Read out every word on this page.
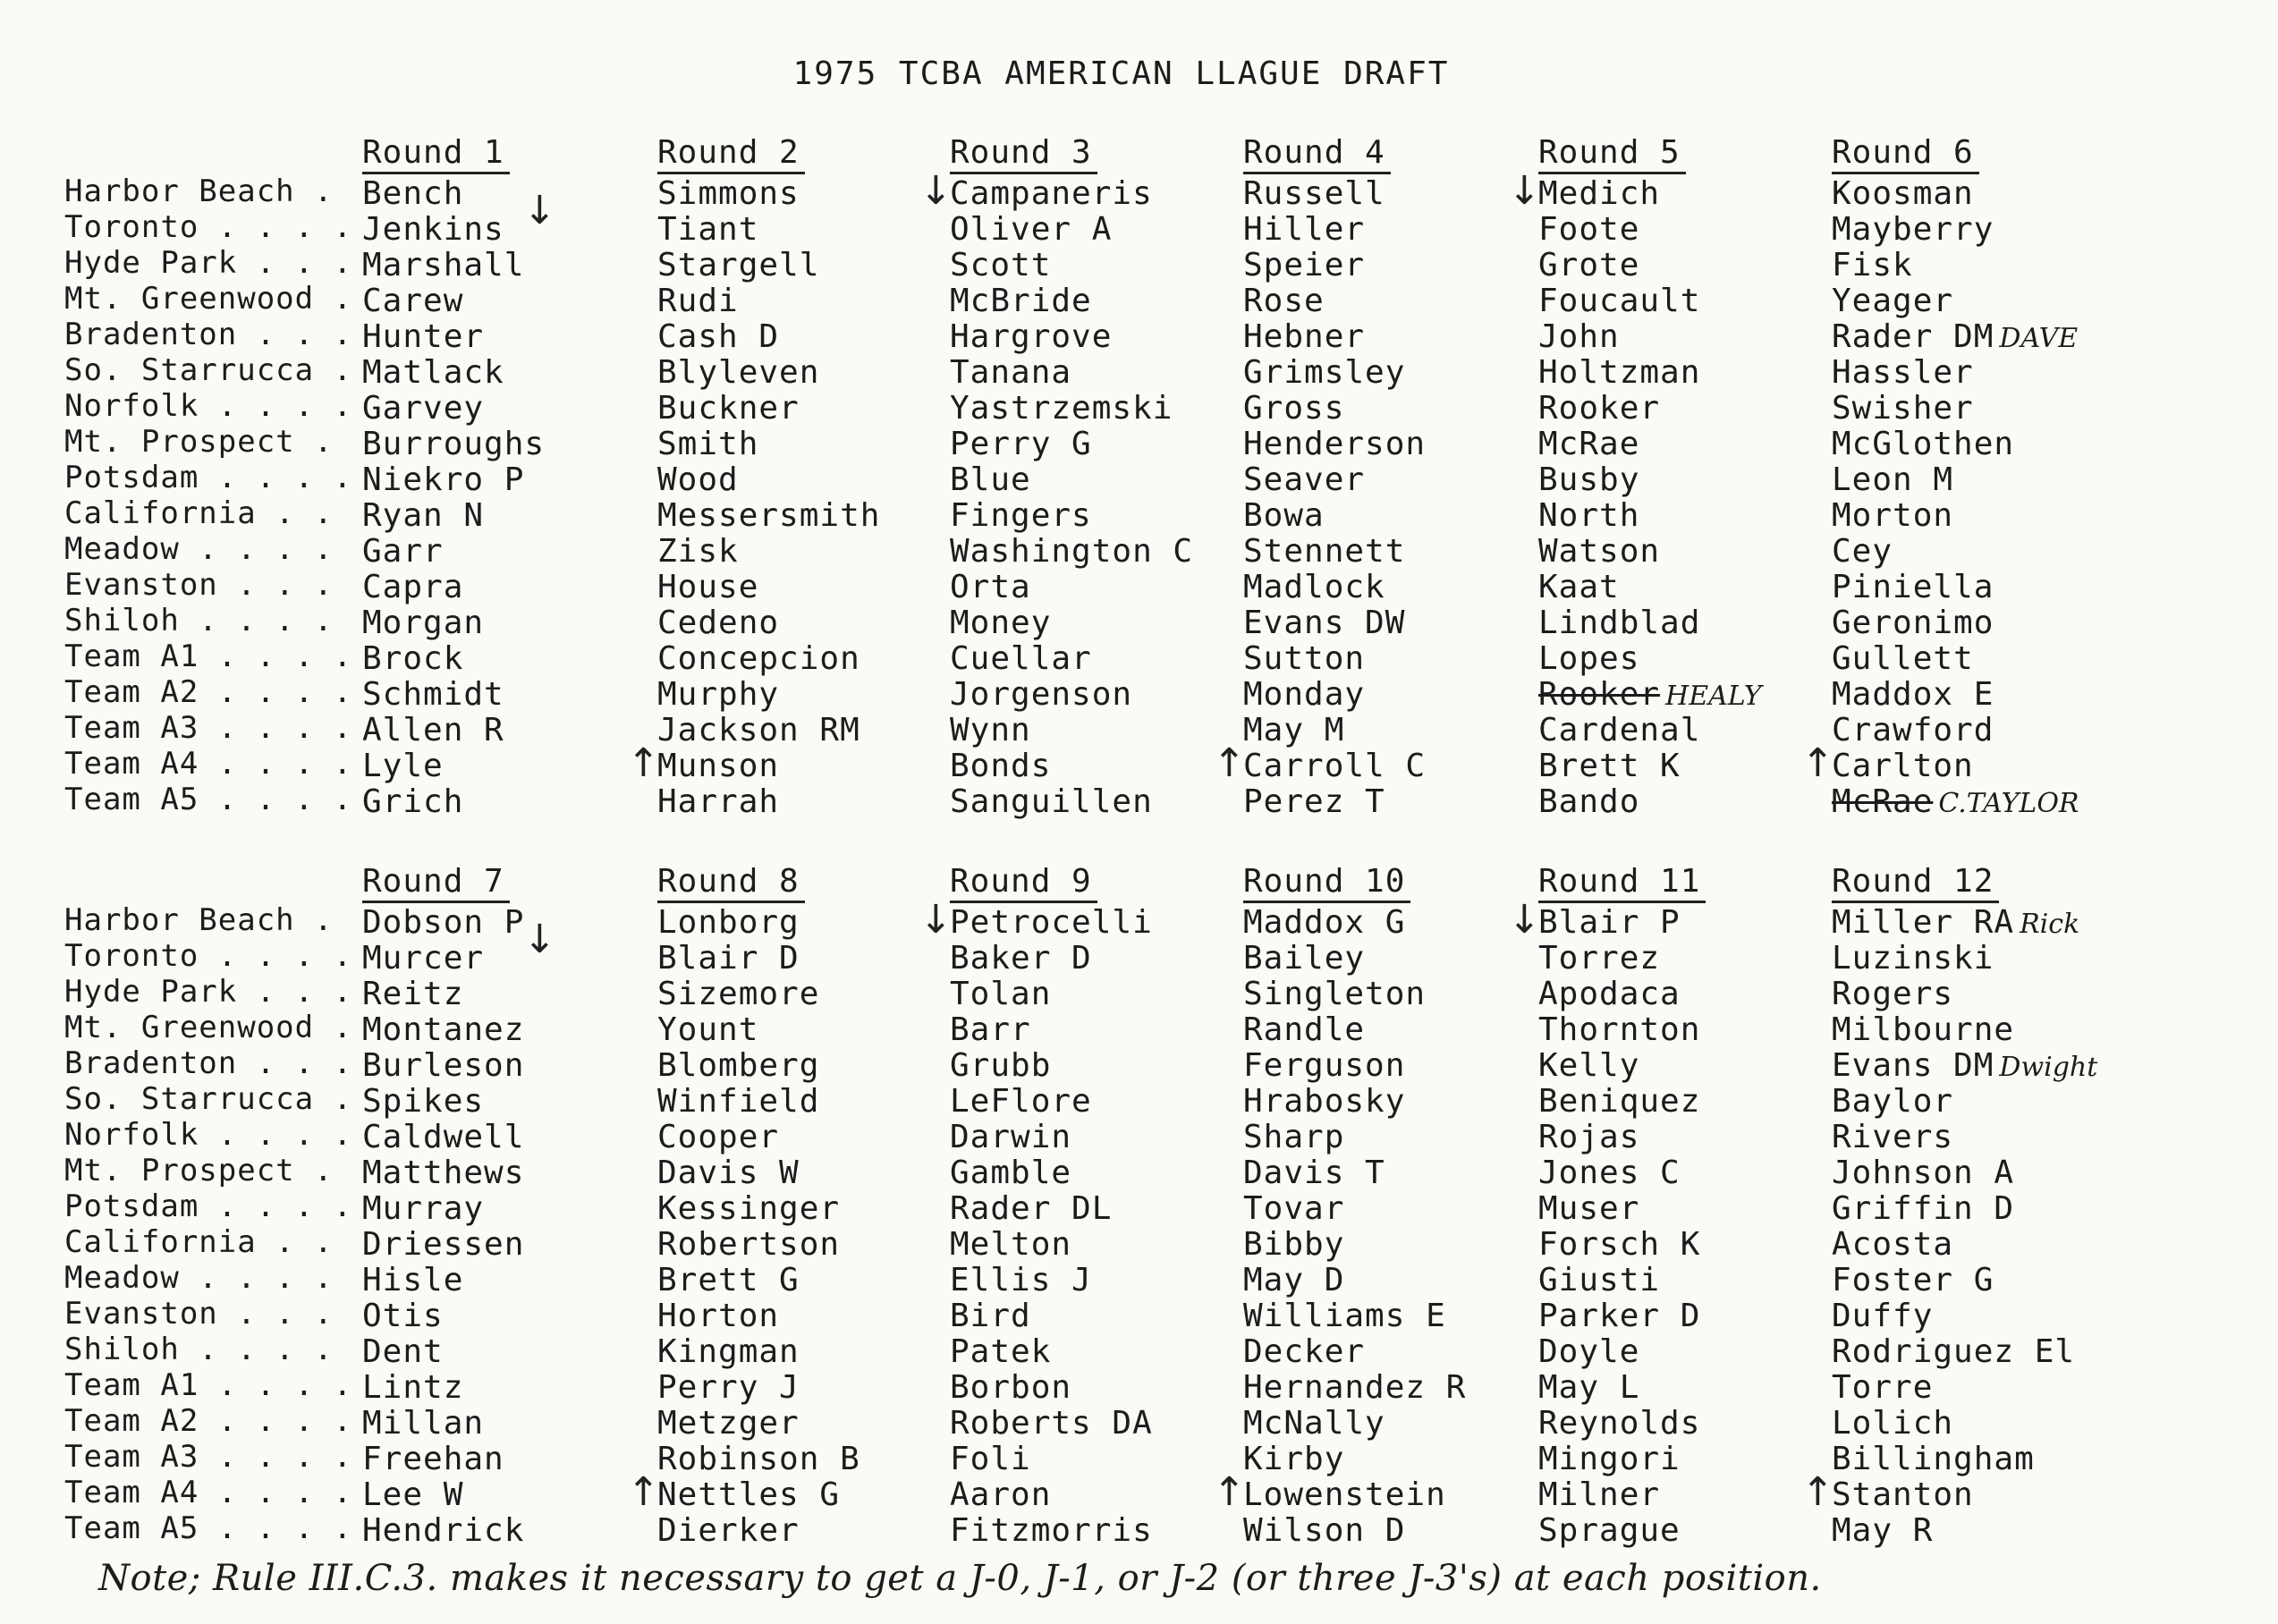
1975 TCBA AMERICAN LLAGUE DRAFT
Harbor Beach . . .
Toronto . . .
Hyde Park . . .
Mt. Greenwood . . .
Bradenton . . .
So. Starrucca . . .
Norfolk . . .
Mt. Prospect . . .
Potsdam . . .
California . . .
Meadow . . .
Evanston . . .
Shiloh . . .
Team A1 . . .
Team A2 . . .
Team A3 . . .
Team A4 . . .
Team A5 . . .
Round 1
Bench
Jenkins
Marshall
Carew
Hunter
Matlack
Garvey
Burroughs
Niekro P
Ryan N
Garr
Capra
Morgan
Brock
Schmidt
Allen R
Lyle
Grich
↓
Round 2
Simmons
Tiant
Stargell
Rudi
Cash D
Blyleven
Buckner
Smith
Wood
Messersmith
Zisk
House
Cedeno
Concepcion
Murphy
Jackson RM
Munson
Harrah
↑
Round 3
Campaneris
Oliver A
Scott
McBride
Hargrove
Tanana
Yastrzemski
Perry G
Blue
Fingers
Washington C
Orta
Money
Cuellar
Jorgenson
Wynn
Bonds
Sanguillen
↓
Round 4
Russell
Hiller
Speier
Rose
Hebner
Grimsley
Gross
Henderson
Seaver
Bowa
Stennett
Madlock
Evans DW
Sutton
Monday
May M
Carroll C
Perez T
↑
Round 5
Medich
Foote
Grote
Foucault
John
Holtzman
Rooker
McRae
Busby
North
Watson
Kaat
Lindblad
Lopes
Rooker HEALY
Cardenal
Brett K
Bando
↓
Round 6
Koosman
Mayberry
Fisk
Yeager
Rader DM DAVE
Hassler
Swisher
McGlothen
Leon M
Morton
Cey
Piniella
Geronimo
Gullett
Maddox E
Crawford
Carlton
McRae C.TAYLOR
↑
Harbor Beach . . .
Toronto . . .
Hyde Park . . .
Mt. Greenwood . . .
Bradenton . . .
So. Starrucca . . .
Norfolk . . .
Mt. Prospect . . .
Potsdam . . .
California . . .
Meadow . . .
Evanston . . .
Shiloh . . .
Team A1 . . .
Team A2 . . .
Team A3 . . .
Team A4 . . .
Team A5 . . .
Round 7
Dobson P
Murcer
Reitz
Montanez
Burleson
Spikes
Caldwell
Matthews
Murray
Driessen
Hisle
Otis
Dent
Lintz
Millan
Freehan
Lee W
Hendrick
↓
Round 8
Lonborg
Blair D
Sizemore
Yount
Blomberg
Winfield
Cooper
Davis W
Kessinger
Robertson
Brett G
Horton
Kingman
Perry J
Metzger
Robinson B
Nettles G
Dierker
↑
Round 9
Petrocelli
Baker D
Tolan
Barr
Grubb
LeFlore
Darwin
Gamble
Rader DL
Melton
Ellis J
Bird
Patek
Borbon
Roberts DA
Foli
Aaron
Fitzmorris
↓
Round 10
Maddox G
Bailey
Singleton
Randle
Ferguson
Hrabosky
Sharp
Davis T
Tovar
Bibby
May D
Williams E
Decker
Hernandez R
McNally
Kirby
Lowenstein
Wilson D
↑
Round 11
Blair P
Torrez
Apodaca
Thornton
Kelly
Beniquez
Rojas
Jones C
Muser
Forsch K
Giusti
Parker D
Doyle
May L
Reynolds
Mingori
Milner
Sprague
↓
Round 12
Miller RA Rick
Luzinski
Rogers
Milbourne
Evans DM Dwight
Baylor
Rivers
Johnson A
Griffin D
Acosta
Foster G
Duffy
Rodriguez El
Torre
Lolich
Billingham
Stanton
May R
↑
Note; Rule III.C.3. makes it necessary to get a J-0, J-1, or J-2 (or three J-3's) at each position.
